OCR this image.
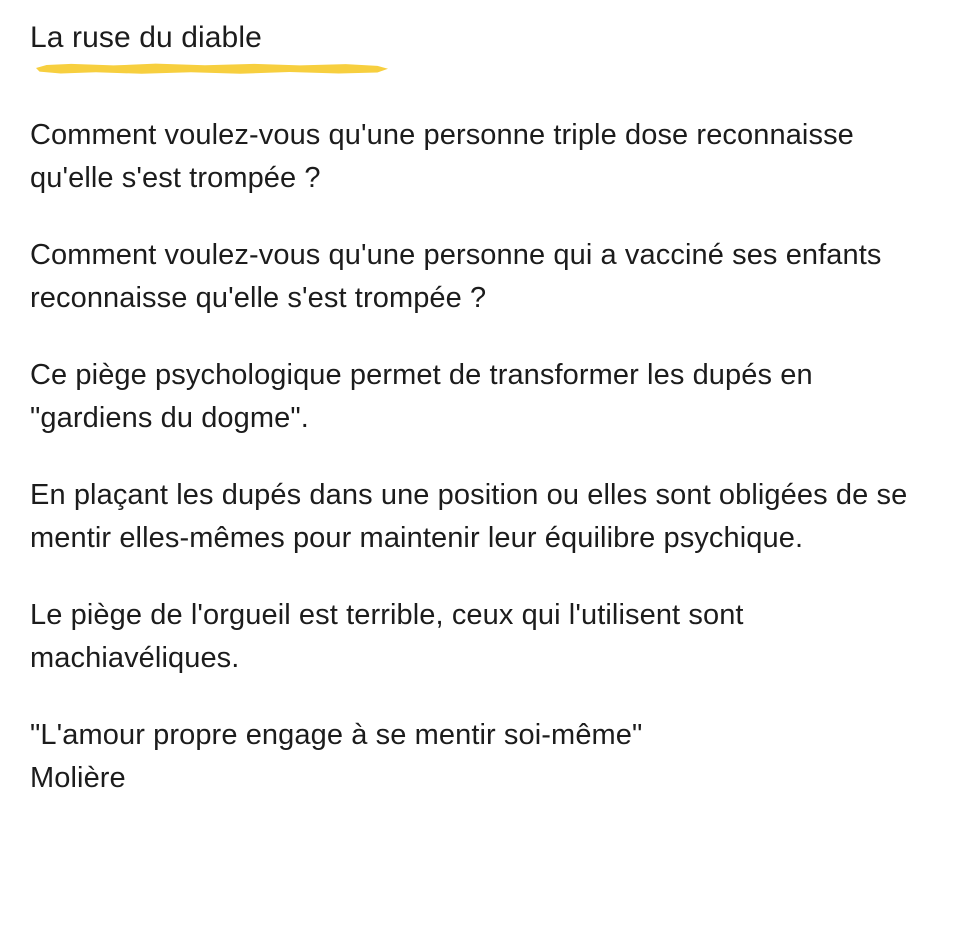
La ruse du diable

Comment voulez-vous qu'une personne triple dose reconnaisse qu'elle s'est trompée ?

Comment voulez-vous qu'une personne qui a vacciné ses enfants reconnaisse qu'elle s'est trompée ?

Ce piège psychologique permet de transformer les dupés en "gardiens du dogme".

En plaçant les dupés dans une position ou elles sont obligées de se mentir elles-mêmes pour maintenir leur équilibre psychique.

Le piège de l'orgueil est terrible, ceux qui l'utilisent sont machiavéliques.

"L'amour propre engage à se mentir soi-même"
Molière
